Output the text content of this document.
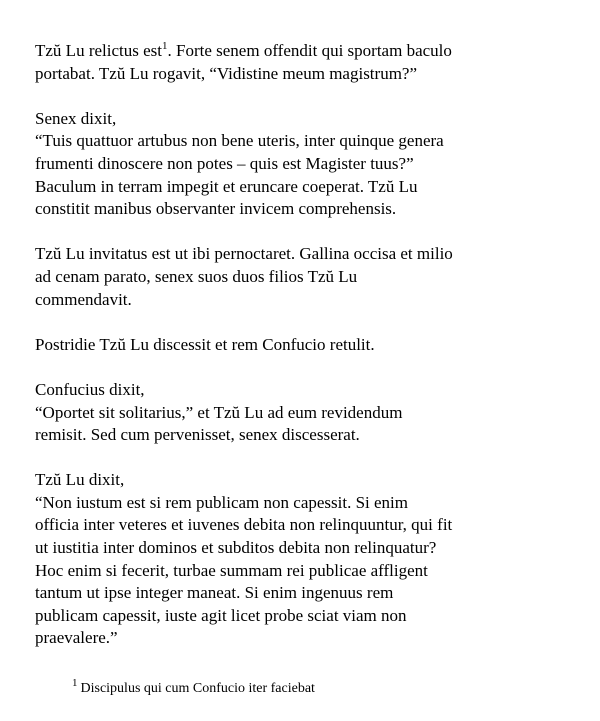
Tzŭ Lu relictus est$^1$. Forte senem offendit qui sportam baculo
portabat. Tzŭ Lu rogavit, “Vidistine meum magistrum?”

Senex dixit,
“Tuis quattuor artubus non bene uteris, inter quinque genera
frumenti dinoscere non potes – quis est Magister tuus?”
Baculum in terram impegit et eruncare coeperat. Tzŭ Lu
constitit manibus observanter invicem comprehensis.

Tzŭ Lu invitatus est ut ibi pernoctaret. Gallina occisa et milio
ad cenam parato, senex suos duos filios Tzŭ Lu
commendavit.

Postridie Tzŭ Lu discessit et rem Confucio retulit.

Confucius dixit,
“Oportet sit solitarius,” et Tzŭ Lu ad eum revidendum
remisit. Sed cum pervenisset, senex discesserat.

Tzŭ Lu dixit,
“Non iustum est si rem publicam non capessit. Si enim
officia inter veteres et iuvenes debita non relinquuntur, qui fit
ut iustitia inter dominos et subditos debita non relinquatur?
Hoc enim si fecerit, turbae summam rei publicae affligent
tantum ut ipse integer maneat. Si enim ingenuus rem
publicam capessit, iuste agit licet probe sciat viam non
praevalere.”

$^1$ Discipulus qui cum Confucio iter faciebat
